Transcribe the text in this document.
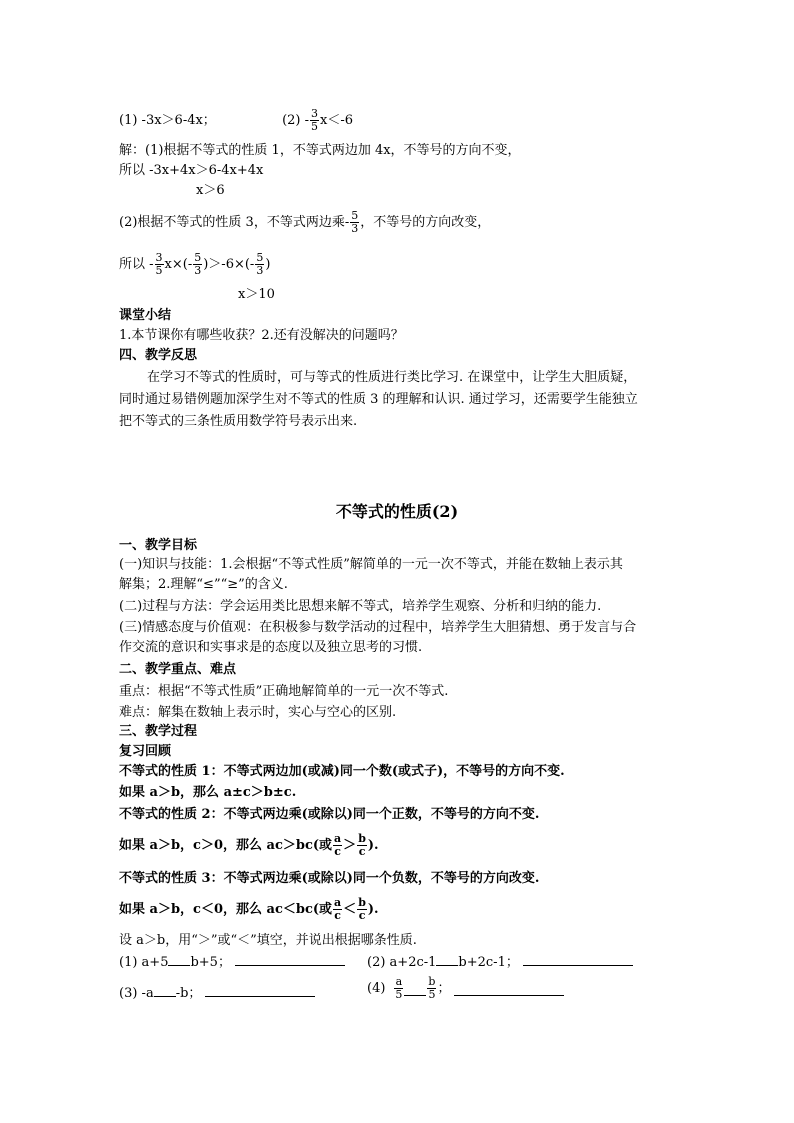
(1) -3x＞6-4x；	$(2) - \frac{3}{5} x<-6$
解：(1)根据不等式的性质 1，不等式两边加 4x，不等号的方向不变，
所以 -3x+4x＞6-4x+4x
x＞6
(2)根据不等式的性质 3，不等式两边乘- $\frac{5}{3}$ ，不等号的方向改变，
所以 - $\frac{3}{5} x\times(- \frac{5}{3} )>-6\times(- \frac{5}{3}$ )
x＞10
课堂小结
1.本节课你有哪些收获？2.还有没解决的问题吗？
四、教学反思
在学习不等式的性质时，可与等式的性质进行类比学习. 在课堂中，让学生大胆质疑，
同时通过易错例题加深学生对不等式的性质 3 的理解和认识. 通过学习，还需要学生能独立
把不等式的三条性质用数学符号表示出来.
不等式的性质(2)
一、教学目标
(一)知识与技能：1.会根据“不等式性质”解简单的一元一次不等式，并能在数轴上表示其
解集；2.理解“≤”“≥”的含义.
(二)过程与方法：学会运用类比思想来解不等式，培养学生观察、分析和归纳的能力.
(三)情感态度与价值观：在积极参与数学活动的过程中，培养学生大胆猜想、勇于发言与合
作交流的意识和实事求是的态度以及独立思考的习惯.
二、教学重点、难点
重点：根据“不等式性质”正确地解简单的一元一次不等式.
难点：解集在数轴上表示时，实心与空心的区别.
三、教学过程
复习回顾
不等式的性质 1：不等式两边加(或减)同一个数(或式子)，不等号的方向不变.
如果 a＞b，那么 a±c＞b±c.
不等式的性质 2：不等式两边乘(或除以)同一个正数，不等号的方向不变.
如果 a＞b，c＞0，那么 ac＞bc(或 $\frac{a}{c} > \frac{b}{c}$ ).
不等式的性质 3：不等式两边乘(或除以)同一个负数，不等号的方向改变.
如果 a＞b，c＜0，那么 ac＜bc(或 $\frac{a}{c} < \frac{b}{c}$ ).
设 a＞b，用“＞”或“＜”填空，并说出根据哪条性质.
(1) a+5 b+5；	(2) a+2c-1 b+2c-1；
(3) -a -b；	$(4) \frac{a}{5} \frac{b}{5}$ ；
